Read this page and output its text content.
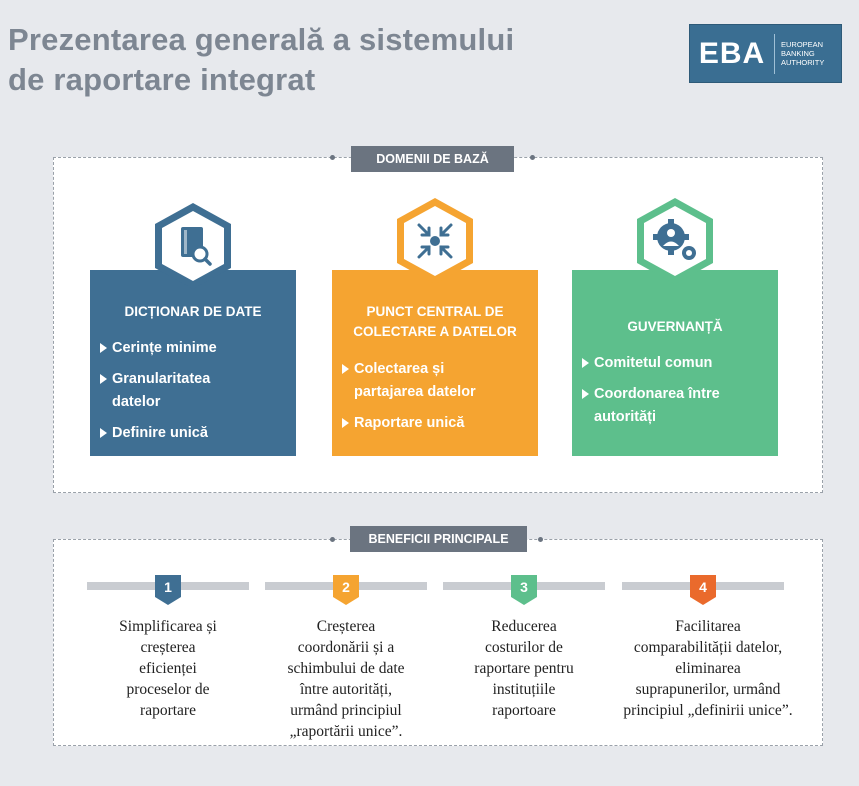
Prezentarea generală a sistemului
de raportare integrat
EBA	EUROPEAN
BANKING
AUTHORITY
DOMENII DE BAZĂ
DICȚIONAR DE DATE
Cerințe minime
Granularitatea
datelor
Definire unică
PUNCT CENTRAL DE
COLECTARE A DATELOR
Colectarea și
partajarea datelor
Raportare unică
GUVERNANȚĂ
Comitetul comun
Coordonarea între
autorități
BENEFICII PRINCIPALE
1
Simplificarea și
creșterea
eficienței
proceselor de
raportare
2
Creșterea
coordonării și a
schimbului de date
între autorități,
urmând principiul
„raportării unice”.
3
Reducerea
costurilor de
raportare pentru
instituțiile
raportoare
4
Facilitarea
comparabilității datelor,
eliminarea
suprapunerilor, urmând
principiul „definirii unice”.
